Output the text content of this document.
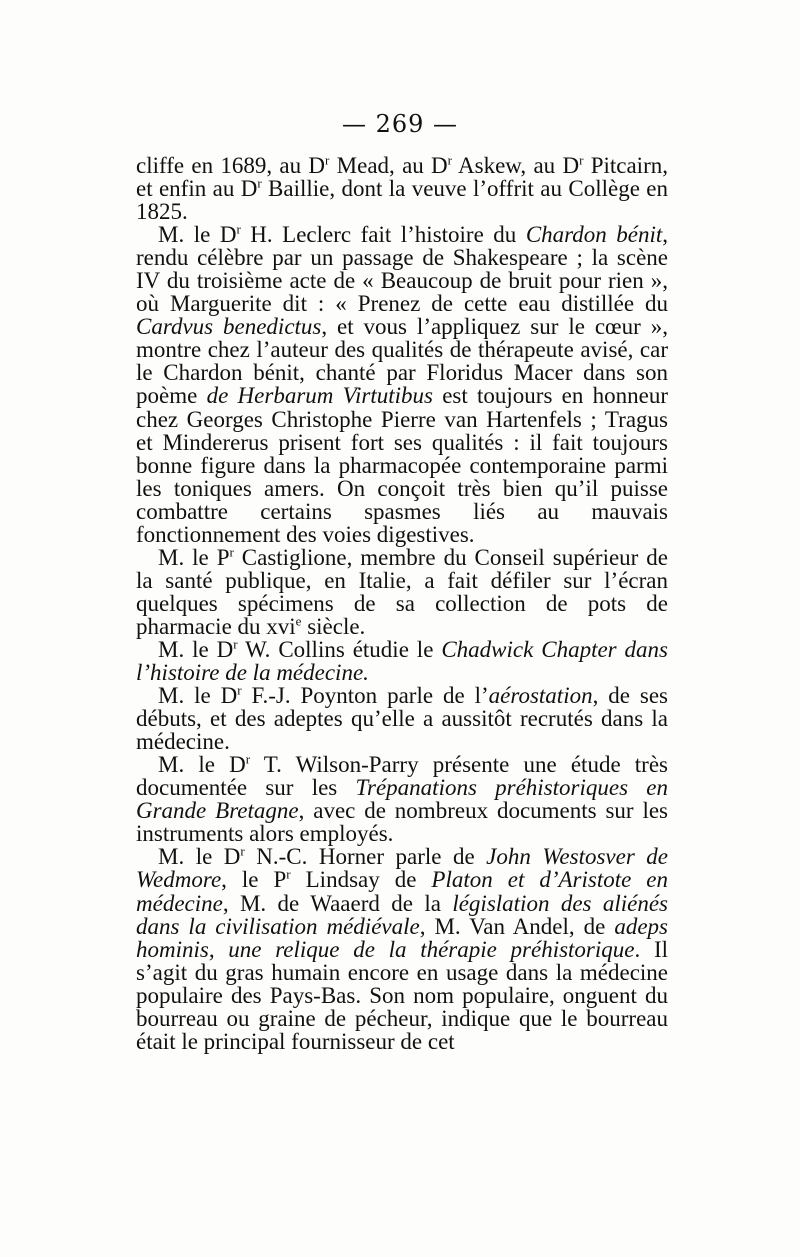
— 269 —

cliffe en 1689, au $D^r$ Mead, au $D^r$ Askew, au $D^r$ Pitcairn, et enfin au $D^r$ Baillie, dont la veuve l’offrit au Collège en 1825.

M. le $D^r$ H. Leclerc fait l’histoire du Chardon bénit, rendu célèbre par un passage de Shakespeare ; la scène IV du troisième acte de « Beaucoup de bruit pour rien », où Marguerite dit : « Prenez de cette eau distillée du Cardvus benedictus, et vous l’appliquez sur le cœur », montre chez l’auteur des qualités de thérapeute avisé, car le Chardon bénit, chanté par Floridus Macer dans son poème de Herbarum Virtutibus est toujours en honneur chez Georges Christophe Pierre van Hartenfels ; Tragus et Mindererus prisent fort ses qualités : il fait toujours bonne figure dans la pharmacopée contemporaine parmi les toniques amers. On conçoit très bien qu’il puisse combattre certains spasmes liés au mauvais fonctionnement des voies digestives.

M. le $P^r$ Castiglione, membre du Conseil supérieur de la santé publique, en Italie, a fait défiler sur l’écran quelques spécimens de sa collection de pots de pharmacie du xvi$^e$ siècle.

M. le $D^r$ W. Collins étudie le Chadwick Chapter dans l’histoire de la médecine.

M. le $D^r$ F.-J. Poynton parle de l’aérostation, de ses débuts, et des adeptes qu’elle a aussitôt recrutés dans la médecine.

M. le $D^r$ T. Wilson-Parry présente une étude très documentée sur les Trépanations préhistoriques en Grande Bretagne, avec de nombreux documents sur les instruments alors employés.

M. le $D^r$ N.-C. Horner parle de John Westosver de Wedmore, le $P^r$ Lindsay de Platon et d’Aristote en médecine, M. de Waaerd de la législation des aliénés dans la civilisation médiévale, M. Van Andel, de adeps hominis, une relique de la thérapie préhistorique. Il s’agit du gras humain encore en usage dans la médecine populaire des Pays-Bas. Son nom populaire, onguent du bourreau ou graine de pécheur, indique que le bourreau était le principal fournisseur de cet
